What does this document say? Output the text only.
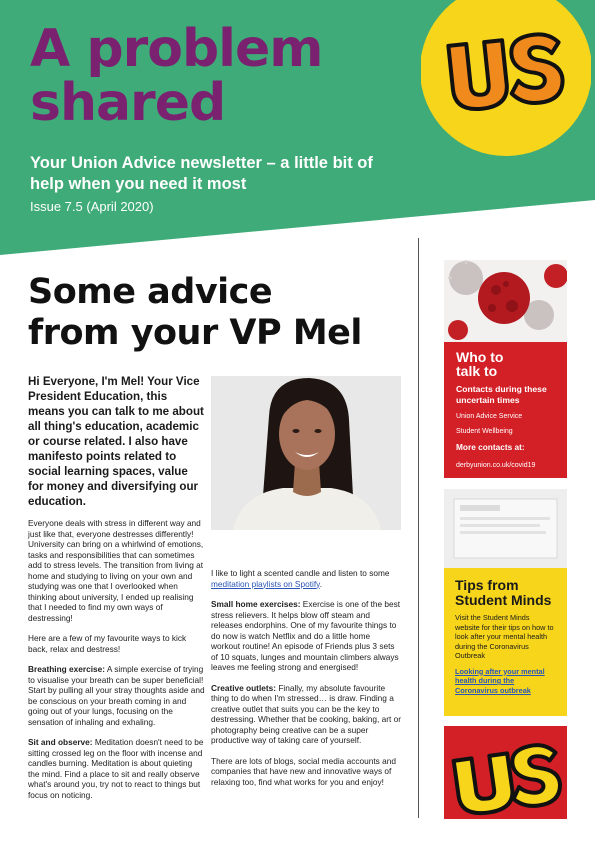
A problem
shared
Your Union Advice newsletter – a little bit of help when you need it most
Issue 7.5 (April 2020)
Some advice
from your VP Mel
Hi Everyone, I'm Mel! Your Vice President Education, this means you can talk to me about all thing's education, academic or course related. I also have manifesto points related to social learning spaces, value for money and diversifying our education.

Everyone deals with stress in different way and just like that, everyone destresses differently! University can bring on a whirlwind of emotions, tasks and responsibilities that can sometimes add to stress levels. The transition from living at home and studying to living on your own and studying was one that I overlooked when thinking about university, I ended up realising that I needed to find my own ways of destressing!

Here are a few of my favourite ways to kick back, relax and destress!

Breathing exercise: A simple exercise of trying to visualise your breath can be super beneficial! Start by pulling all your stray thoughts aside and be conscious on your breath coming in and going out of your lungs, focusing on the sensation of inhaling and exhaling.

Sit and observe: Meditation doesn't need to be sitting crossed leg on the floor with incense and candles burning. Meditation is about quieting the mind. Find a place to sit and really observe what's around you, try not to react to things but focus on noticing.

I like to light a scented candle and listen to some meditation playlists on Spotify.

Small home exercises: Exercise is one of the best stress relievers. It helps blow off steam and releases endorphins. One of my favourite things to do now is watch Netflix and do a little home workout routine! An episode of Friends plus 3 sets of 10 squats, lunges and mountain climbers always leaves me feeling strong and energised!

Creative outlets: Finally, my absolute favourite thing to do when I'm stressed… is draw. Finding a creative outlet that suits you can be the key to destressing. Whether that be cooking, baking, art or photography being creative can be a super productive way of taking care of yourself.

There are lots of blogs, social media accounts and companies that have new and innovative ways of relaxing too, find what works for you and enjoy!

Who to
talk to
Contacts during these uncertain times
Union Advice Service
Student Wellbeing
More contacts at:
derbyunion.co.uk/covid19
Tips from Student Minds
Visit the Student Minds website for their tips on how to look after your mental health during the Coronavirus Outbreak
Looking after your mental health during the Coronavirus outbreak
